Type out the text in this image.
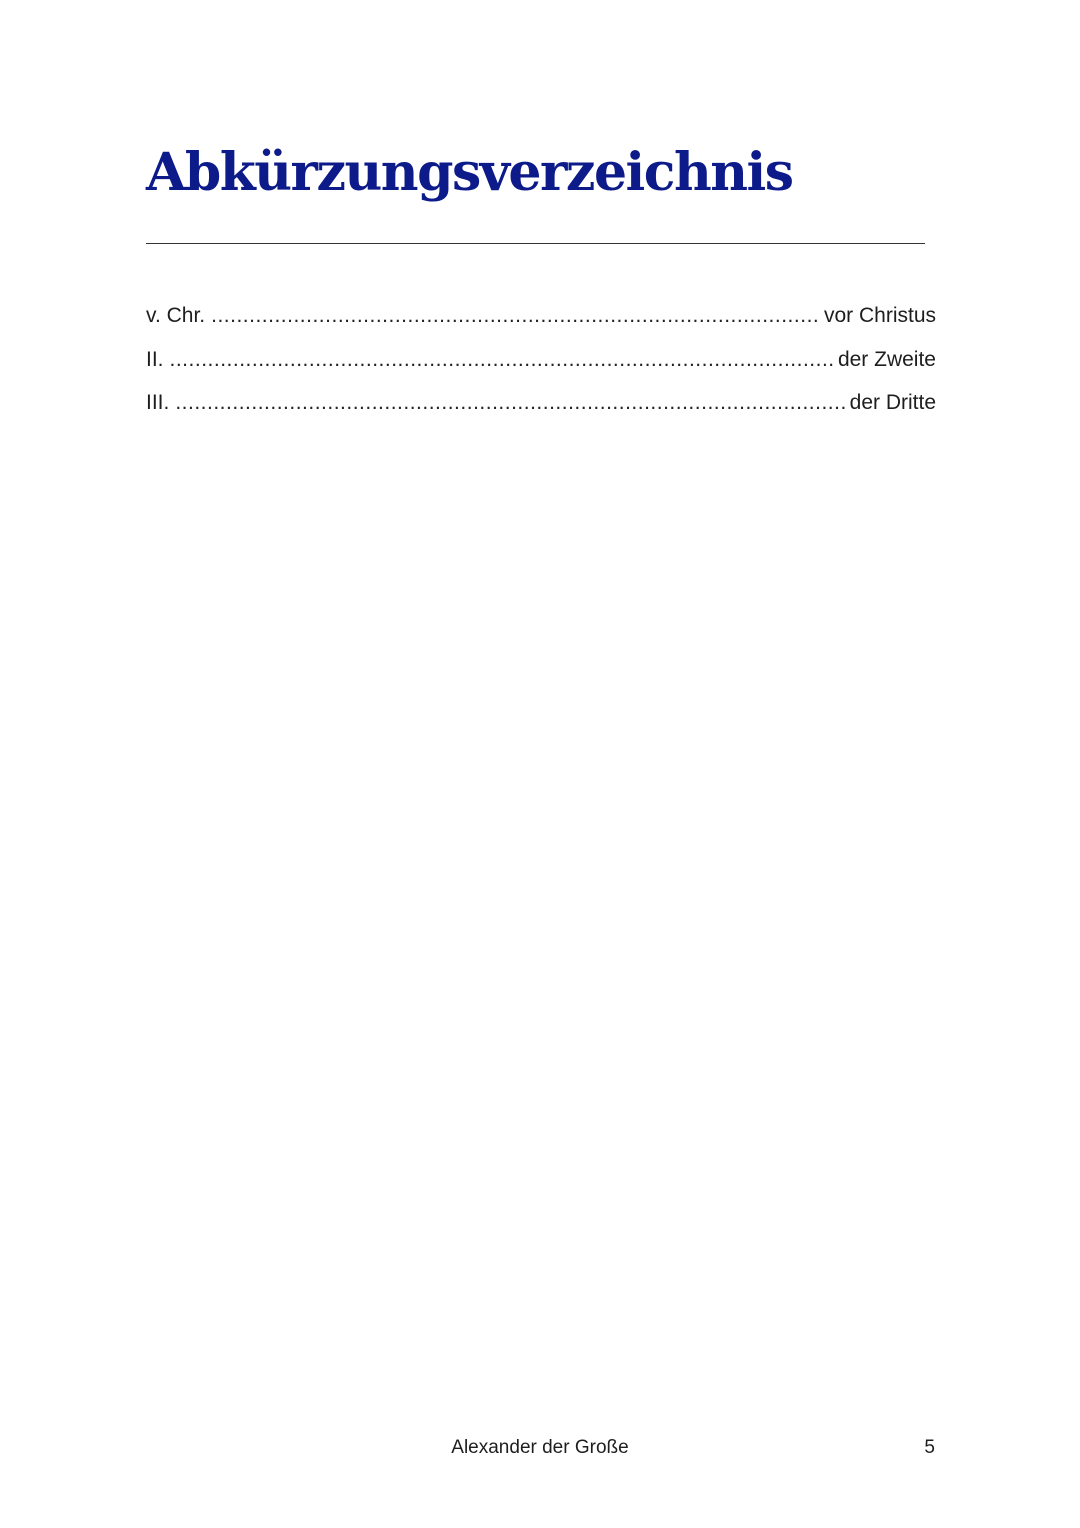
Abkürzungsverzeichnis
v. Chr. .....	vor Christus
II. .....	der Zweite
III. .....	der Dritte
Alexander der Große	5
